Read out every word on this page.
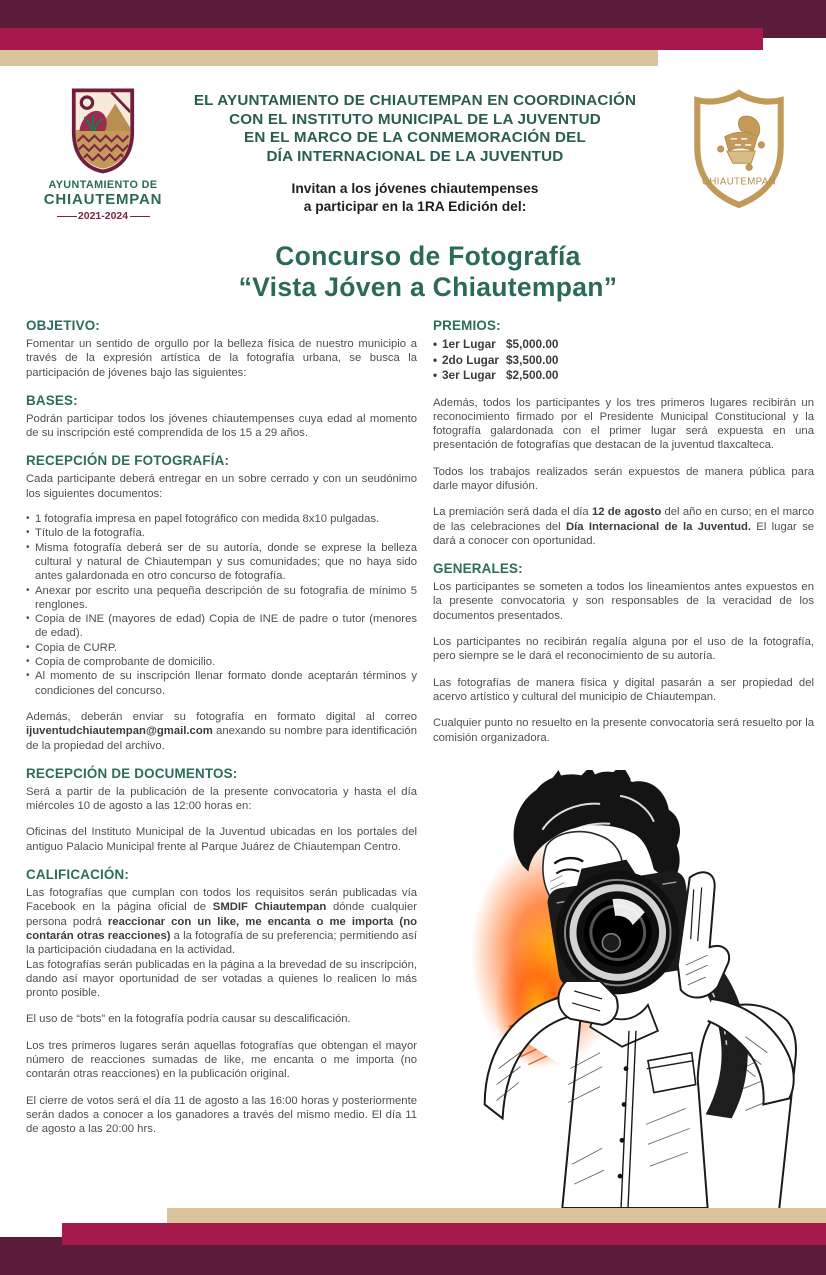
AYUNTAMIENTO DE
CHIAUTEMPAN
—— 2021-2024 ——
CHIAUTEMPAN
EL AYUNTAMIENTO DE CHIAUTEMPAN EN COORDINACIÓN
CON EL INSTITUTO MUNICIPAL DE LA JUVENTUD
EN EL MARCO DE LA CONMEMORACIÓN DEL
DÍA INTERNACIONAL DE LA JUVENTUD
Invitan a los jóvenes chiautempenses
a participar en la 1RA Edición del:
Concurso de Fotografía
“Vista Jóven a Chiautempan”
OBJETIVO:

Fomentar un sentido de orgullo por la belleza física de nuestro municipio a través de la expresión artística de la fotografía urbana, se busca la participación de jóvenes bajo las siguientes:

BASES:

Podrán participar todos los jóvenes chiautempenses cuya edad al momento de su inscripción esté comprendida de los 15 a 29 años.

RECEPCIÓN DE FOTOGRAFÍA:

Cada participante deberá entregar en un sobre cerrado y con un seudónimo los siguientes documentos:

• 1 fotografía impresa en papel fotográfico con medida 8x10 pulgadas.
• Título de la fotografía.
• Misma fotografía deberá ser de su autoría, donde se exprese la belleza cultural y natural de Chiautempan y sus comunidades; que no haya sido antes galardonada en otro concurso de fotografía.
• Anexar por escrito una pequeña descripción de su fotografía de mínimo 5 renglones.
• Copia de INE (mayores de edad) Copia de INE de padre o tutor (menores de edad).
• Copia de CURP.
• Copia de comprobante de domicilio.
• Al momento de su inscripción llenar formato donde aceptarán términos y condiciones del concurso.

Además, deberán enviar su fotografía en formato digital al correo ijuventudchiautempan@gmail.com anexando su nombre para identificación de la propiedad del archivo.

RECEPCIÓN DE DOCUMENTOS:

Será a partir de la publicación de la presente convocatoria y hasta el día miércoles 10 de agosto a las 12:00 horas en:

Oficinas del Instituto Municipal de la Juventud ubicadas en los portales del antiguo Palacio Municipal frente al Parque Juárez de Chiautempan Centro.

CALIFICACIÓN:

Las fotografías que cumplan con todos los requisitos serán publicadas vía Facebook en la página oficial de SMDIF Chiautempan dónde cualquier persona podrá reaccionar con un like, me encanta o me importa (no contarán otras reacciones) a la fotografía de su preferencia; permitiendo así la participación ciudadana en la actividad.

Las fotografías serán publicadas en la página a la brevedad de su inscripción, dando así mayor oportunidad de ser votadas a quienes lo realicen lo más pronto posible.

El uso de “bots” en la fotografía podría causar su descalificación.

Los tres primeros lugares serán aquellas fotografías que obtengan el mayor número de reacciones sumadas de like, me encanta o me importa (no contarán otras reacciones) en la publicación original.

El cierre de votos será el día 11 de agosto a las 16:00 horas y posteriormente serán dados a conocer a los ganadores a través del mismo medio. El día 11 de agosto a las 20:00 hrs.

PREMIOS:
• 1er Lugar $5,000.00
• 2do Lugar $3,500.00
• 3er Lugar $2,500.00

Además, todos los participantes y los tres primeros lugares recibirán un reconocimiento firmado por el Presidente Municipal Constitucional y la fotografía galardonada con el primer lugar será expuesta en una presentación de fotografías que destacan de la juventud tlaxcalteca.

Todos los trabajos realizados serán expuestos de manera pública para darle mayor difusión.

La premiación será dada el día 12 de agosto del año en curso; en el marco de las celebraciones del Día Internacional de la Juventud. El lugar se dará a conocer con oportunidad.

GENERALES:

Los participantes se someten a todos los lineamientos antes expuestos en la presente convocatoria y son responsables de la veracidad de los documentos presentados.

Los participantes no recibirán regalía alguna por el uso de la fotografía, pero siempre se le dará el reconocimiento de su autoría.

Las fotografías de manera física y digital pasarán a ser propiedad del acervo artístico y cultural del municipio de Chiautempan.

Cualquier punto no resuelto en la presente convocatoria será resuelto por la comisión organizadora.
